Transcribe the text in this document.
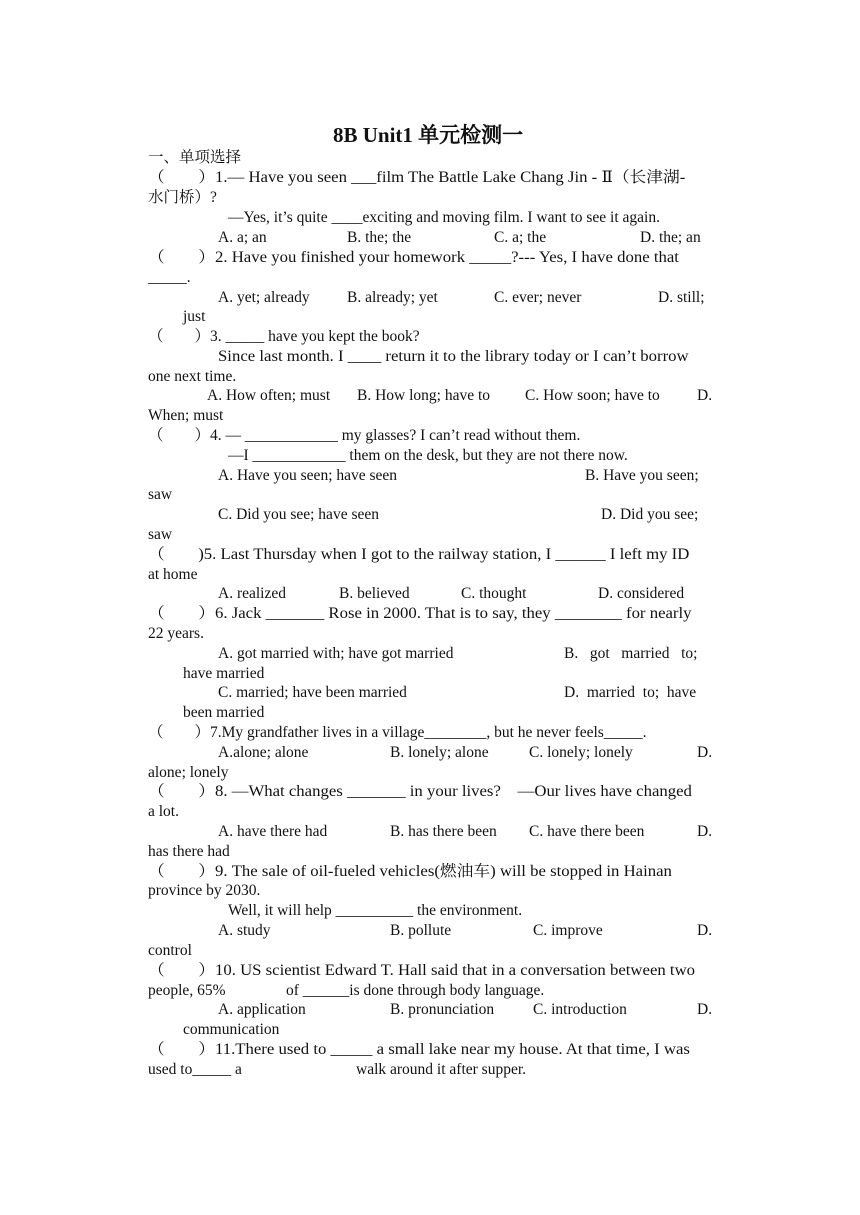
8B Unit1 单元检测一
一、单项选择
（　　）1.— Have you seen ___film The Battle Lake Chang Jin - Ⅱ（长津湖-
水门桥）?
—Yes, it’s quite ____exciting and moving film. I want to see it again.
A. a; an	B. the; the	C. a; the	D. the; an
（　　）2. Have you finished your homework _____?--- Yes, I have done that
_____.
A. yet; already B. already; yet	C. ever; never	D. still;
just
（　　）3. _____ have you kept the book?
Since last month. I ____ return it to the library today or I can’t borrow
one next time.
A. How often; must B. How long; have to C. How soon; have to D.
When; must
（　　）4. — ____________ my glasses? I can’t read without them.
—I ____________ them on the desk, but they are not there now.
A. Have you seen; have seen	B. Have you seen;
saw
C. Did you see; have seen	D. Did you see;
saw
（　　)5. Last Thursday when I got to the railway station, I ______ I left my ID
at home
A. realized	B. believed	C. thought	D. considered
（　　）6. Jack _______ Rose in 2000. That is to say, they ________ for nearly
22 years.
A. got married with; have got married	B.   got   married   to;
have married
C. married; have been married	D.  married  to;  have
been married
（　　）7.My grandfather lives in a village________, but he never feels_____.
A.alone; alone	B. lonely; alone	C. lonely; lonely	D.
alone; lonely
（　　）8. —What changes _______ in your lives?　—Our lives have changed
a lot.
A. have there had	B. has there been C. have there been	D.
has there had
（　　）9. The sale of oil-fueled vehicles(燃油车) will be stopped in Hainan
province by 2030.
Well, it will help __________ the environment.
A. study	B. pollute	C. improve	D.
control
（　　）10. US scientist Edward T. Hall said that in a conversation between two
people, 65%	of ______is done through body language.
A. application	B. pronunciation	C. introduction	D.
communication
（　　）11.There used to _____ a small lake near my house. At that time, I was
used to_____ a	walk around it after supper.
